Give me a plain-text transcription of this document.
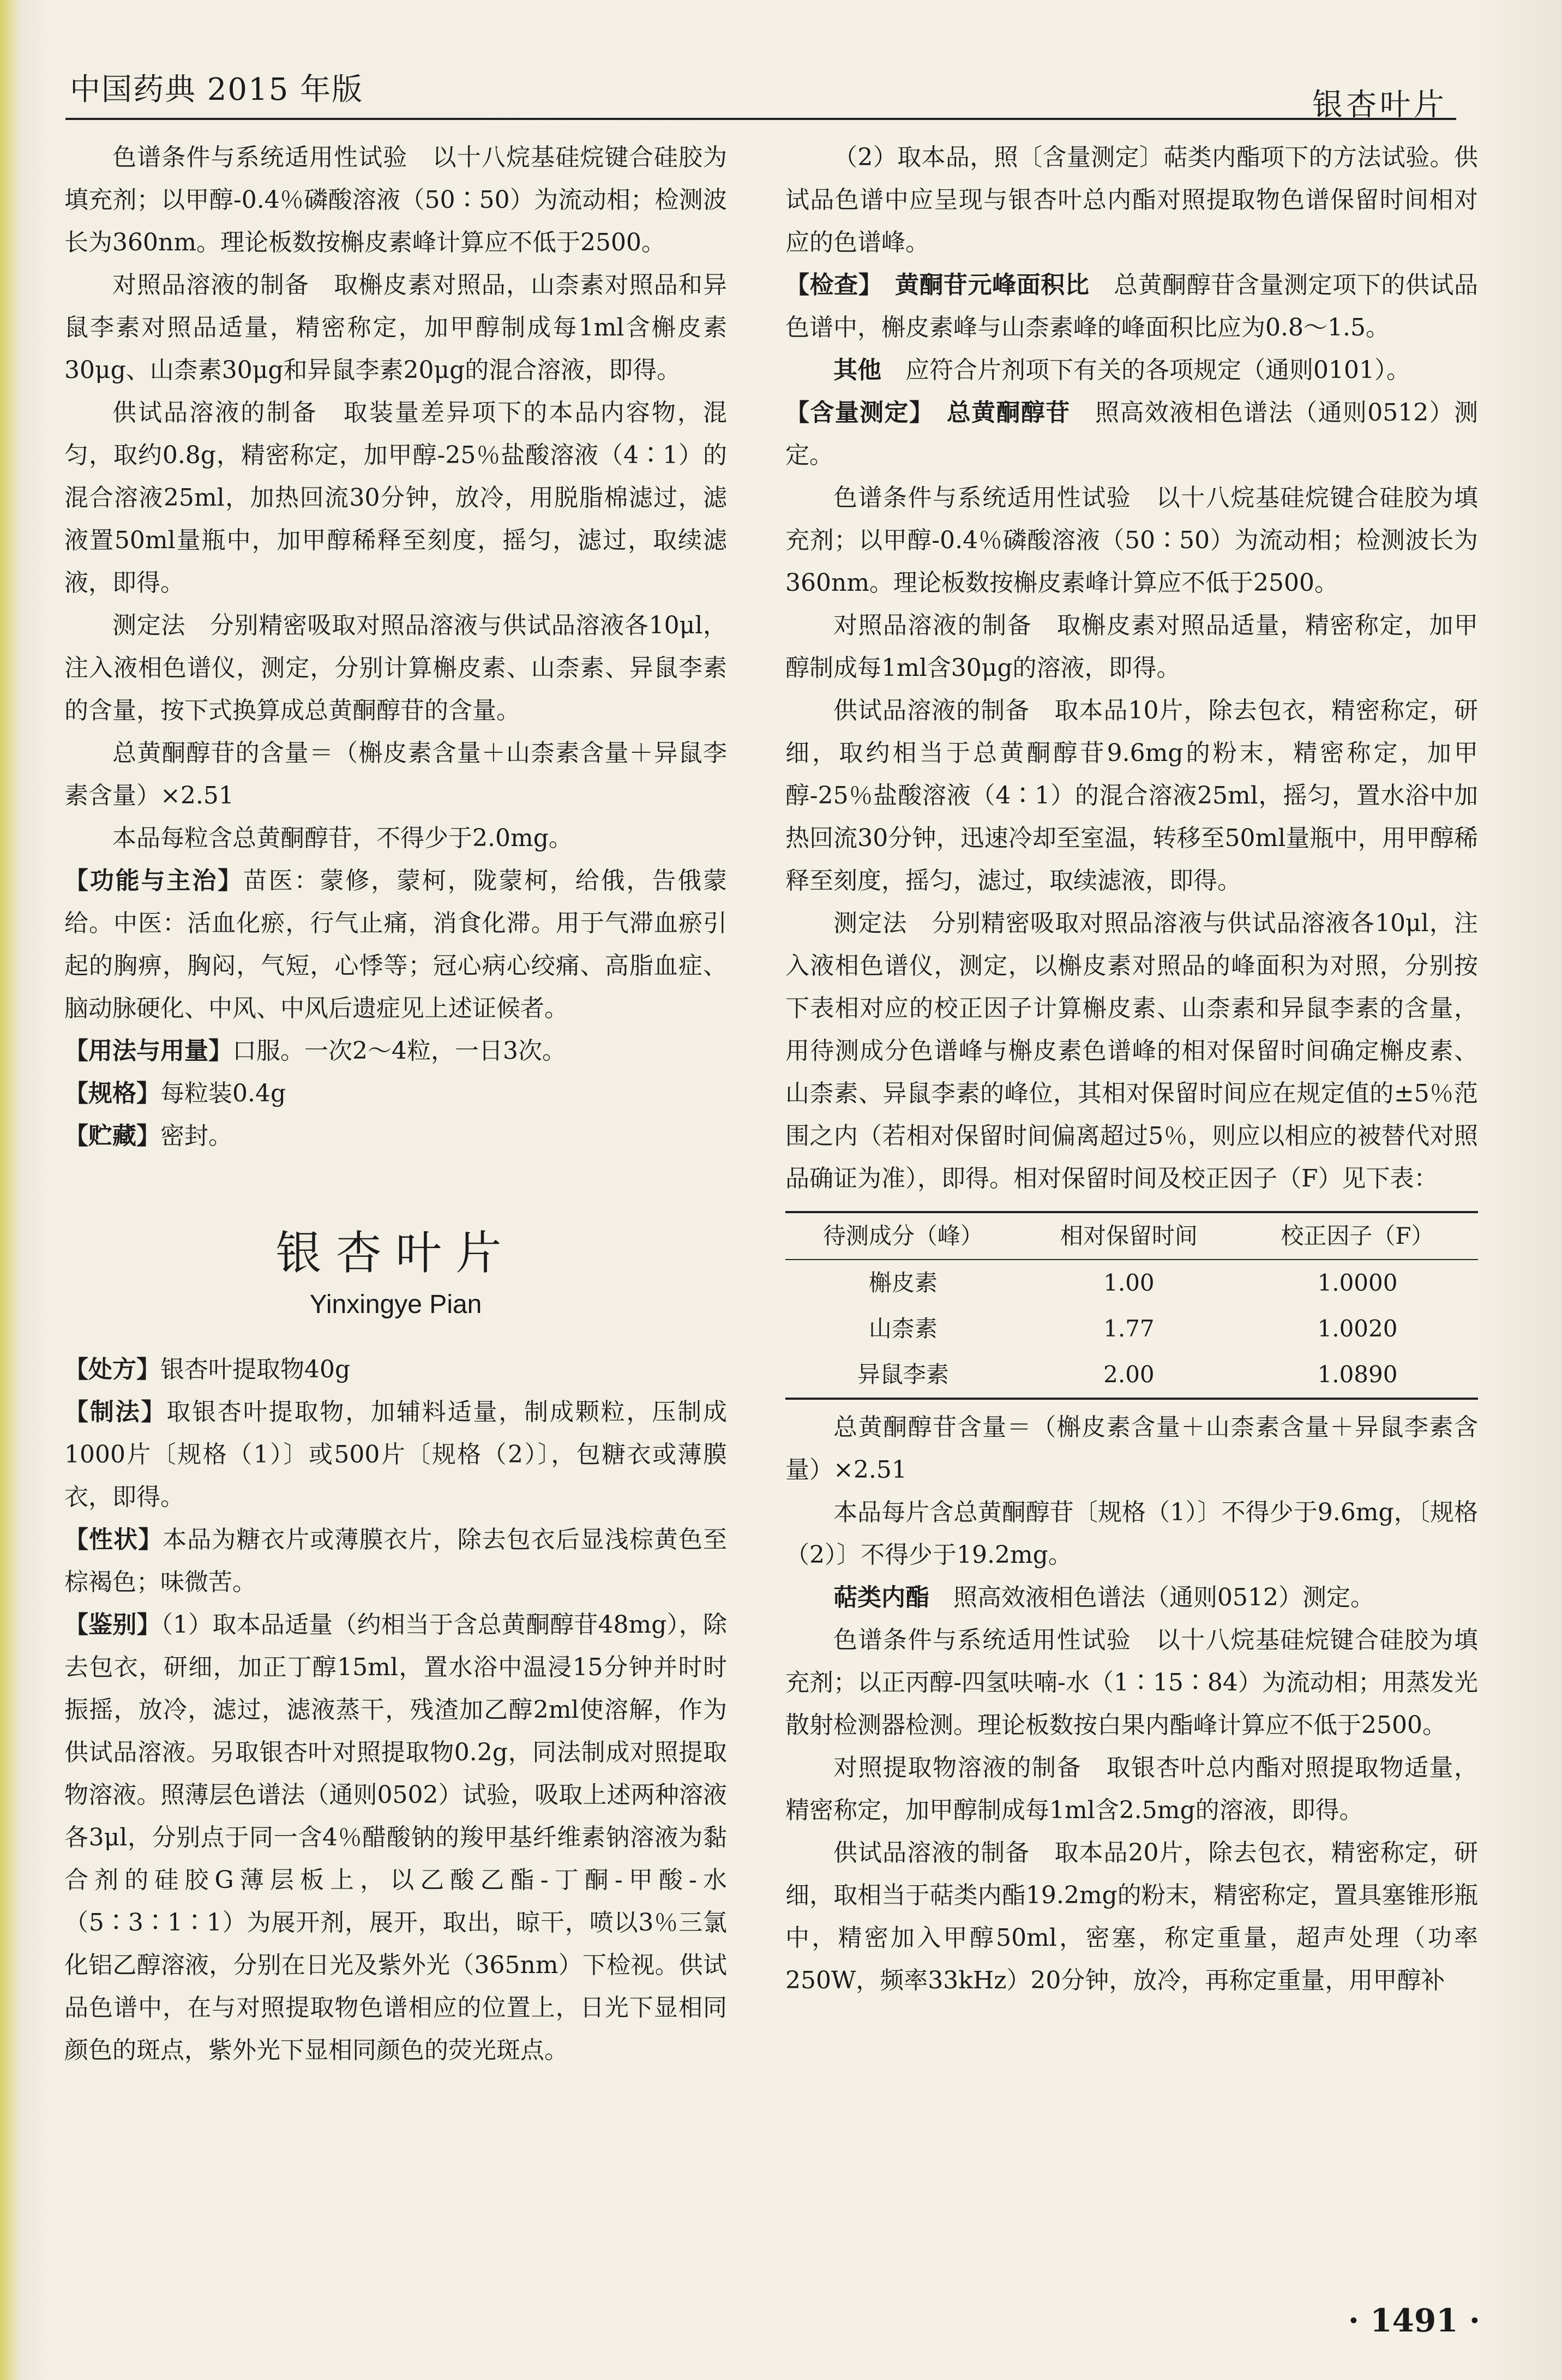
中国药典 2015 年版	银杏叶片

色谱条件与系统适用性试验　以十八烷基硅烷键合硅胶为填充剂；以甲醇-0.4％磷酸溶液（50∶50）为流动相；检测波长为360nm。理论板数按槲皮素峰计算应不低于2500。

对照品溶液的制备　取槲皮素对照品，山柰素对照品和异鼠李素对照品适量，精密称定，加甲醇制成每1ml含槲皮素30μg、山柰素30μg和异鼠李素20μg的混合溶液，即得。

供试品溶液的制备　取装量差异项下的本品内容物，混匀，取约0.8g，精密称定，加甲醇-25％盐酸溶液（4∶1）的混合溶液25ml，加热回流30分钟，放冷，用脱脂棉滤过，滤液置50ml量瓶中，加甲醇稀释至刻度，摇匀，滤过，取续滤液，即得。

测定法　分别精密吸取对照品溶液与供试品溶液各10μl，注入液相色谱仪，测定，分别计算槲皮素、山柰素、异鼠李素的含量，按下式换算成总黄酮醇苷的含量。

总黄酮醇苷的含量＝（槲皮素含量＋山柰素含量＋异鼠李素含量）×2.51

本品每粒含总黄酮醇苷，不得少于2.0mg。

【功能与主治】苗医：蒙修，蒙柯，陇蒙柯，给俄，告俄蒙给。中医：活血化瘀，行气止痛，消食化滞。用于气滞血瘀引起的胸痹，胸闷，气短，心悸等；冠心病心绞痛、高脂血症、脑动脉硬化、中风、中风后遗症见上述证候者。

【用法与用量】口服。一次2～4粒，一日3次。

【规格】每粒装0.4g

【贮藏】密封。

银杏叶片
Yinxingye Pian

【处方】银杏叶提取物40g

【制法】取银杏叶提取物，加辅料适量，制成颗粒，压制成1000片〔规格（1）〕或500片〔规格（2）〕，包糖衣或薄膜衣，即得。

【性状】本品为糖衣片或薄膜衣片，除去包衣后显浅棕黄色至棕褐色；味微苦。

【鉴别】（1）取本品适量（约相当于含总黄酮醇苷48mg），除去包衣，研细，加正丁醇15ml，置水浴中温浸15分钟并时时振摇，放冷，滤过，滤液蒸干，残渣加乙醇2ml使溶解，作为供试品溶液。另取银杏叶对照提取物0.2g，同法制成对照提取物溶液。照薄层色谱法（通则0502）试验，吸取上述两种溶液各3μl，分别点于同一含4％醋酸钠的羧甲基纤维素钠溶液为黏合剂的硅胶G薄层板上，以乙酸乙酯-丁酮-甲酸-水（5∶3∶1∶1）为展开剂，展开，取出，晾干，喷以3％三氯化铝乙醇溶液，分别在日光及紫外光（365nm）下检视。供试品色谱中，在与对照提取物色谱相应的位置上，日光下显相同颜色的斑点，紫外光下显相同颜色的荧光斑点。

（2）取本品，照〔含量测定〕萜类内酯项下的方法试验。供试品色谱中应呈现与银杏叶总内酯对照提取物色谱保留时间相对应的色谱峰。

【检查】　 黄酮苷元峰面积比　 总黄酮醇苷含量测定项下的供试品色谱中，槲皮素峰与山柰素峰的峰面积比应为0.8～1.5。

其他　 应符合片剂项下有关的各项规定（通则0101）。

【含量测定】　 总黄酮醇苷　 照高效液相色谱法（通则0512）测定。

色谱条件与系统适用性试验　以十八烷基硅烷键合硅胶为填充剂；以甲醇-0.4％磷酸溶液（50∶50）为流动相；检测波长为360nm。理论板数按槲皮素峰计算应不低于2500。

对照品溶液的制备　取槲皮素对照品适量，精密称定，加甲醇制成每1ml含30μg的溶液，即得。

供试品溶液的制备　取本品10片，除去包衣，精密称定，研细，取约相当于总黄酮醇苷9.6mg的粉末，精密称定，加甲醇-25％盐酸溶液（4∶1）的混合溶液25ml，摇匀，置水浴中加热回流30分钟，迅速冷却至室温，转移至50ml量瓶中，用甲醇稀释至刻度，摇匀，滤过，取续滤液，即得。

测定法　分别精密吸取对照品溶液与供试品溶液各10μl，注入液相色谱仪，测定，以槲皮素对照品的峰面积为对照，分别按下表相对应的校正因子计算槲皮素、山柰素和异鼠李素的含量，用待测成分色谱峰与槲皮素色谱峰的相对保留时间确定槲皮素、山柰素、异鼠李素的峰位，其相对保留时间应在规定值的±5％范围之内（若相对保留时间偏离超过5％，则应以相应的被替代对照品确证为准），即得。相对保留时间及校正因子（F）见下表：

待测成分（峰）	相对保留时间	校正因子（F）
槲皮素	1.00	1.0000
山柰素	1.77	1.0020
异鼠李素	2.00	1.0890

总黄酮醇苷含量＝（槲皮素含量＋山柰素含量＋异鼠李素含量）×2.51

本品每片含总黄酮醇苷〔规格（1）〕不得少于9.6mg，〔规格（2）〕不得少于19.2mg。

萜类内酯　 照高效液相色谱法（通则0512）测定。

色谱条件与系统适用性试验　以十八烷基硅烷键合硅胶为填充剂；以正丙醇-四氢呋喃-水（1∶15∶84）为流动相；用蒸发光散射检测器检测。理论板数按白果内酯峰计算应不低于2500。

对照提取物溶液的制备　取银杏叶总内酯对照提取物适量，精密称定，加甲醇制成每1ml含2.5mg的溶液，即得。

供试品溶液的制备　取本品20片，除去包衣，精密称定，研细，取相当于萜类内酯19.2mg的粉末，精密称定，置具塞锥形瓶中，精密加入甲醇50ml，密塞，称定重量，超声处理（功率250W，频率33kHz）20分钟，放冷，再称定重量，用甲醇补

· 1491 ·
